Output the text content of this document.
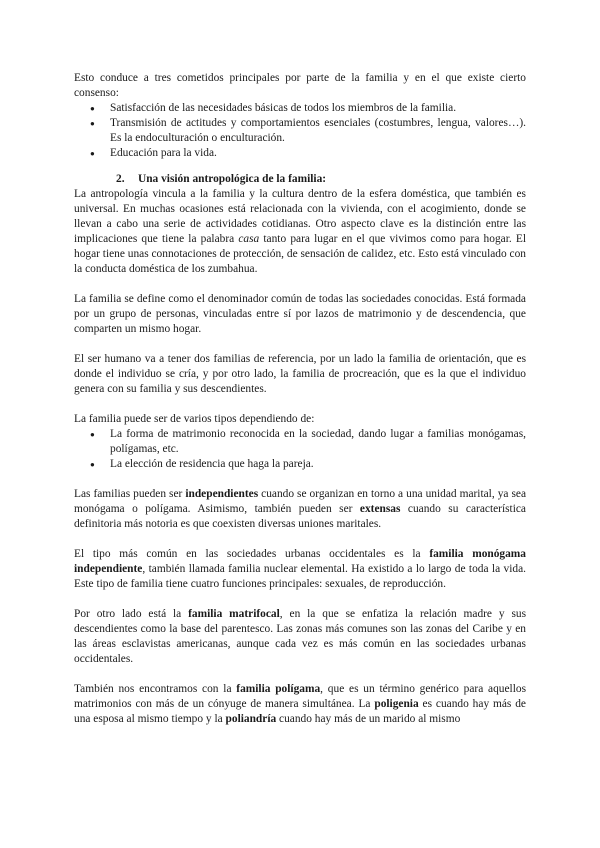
Esto conduce a tres cometidos principales por parte de la familia y en el que existe cierto consenso:

● Satisfacción de las necesidades básicas de todos los miembros de la familia.
● Transmisión de actitudes y comportamientos esenciales (costumbres, lengua, valores…). Es la endoculturación o enculturación.
● Educación para la vida.

2. Una visión antropológica de la familia:

La antropología vincula a la familia y la cultura dentro de la esfera doméstica, que también es universal. En muchas ocasiones está relacionada con la vivienda, con el acogimiento, donde se llevan a cabo una serie de actividades cotidianas. Otro aspecto clave es la distinción entre las implicaciones que tiene la palabra casa tanto para lugar en el que vivimos como para hogar. El hogar tiene unas connotaciones de protección, de sensación de calidez, etc. Esto está vinculado con la conducta doméstica de los zumbahua.

La familia se define como el denominador común de todas las sociedades conocidas. Está formada por un grupo de personas, vinculadas entre sí por lazos de matrimonio y de descendencia, que comparten un mismo hogar.

El ser humano va a tener dos familias de referencia, por un lado la familia de orientación, que es donde el individuo se cría, y por otro lado, la familia de procreación, que es la que el individuo genera con su familia y sus descendientes.

La familia puede ser de varios tipos dependiendo de:

● La forma de matrimonio reconocida en la sociedad, dando lugar a familias monógamas, polígamas, etc.
● La elección de residencia que haga la pareja.

Las familias pueden ser independientes cuando se organizan en torno a una unidad marital, ya sea monógama o polígama. Asimismo, también pueden ser extensas cuando su característica definitoria más notoria es que coexisten diversas uniones maritales.

El tipo más común en las sociedades urbanas occidentales es la familia monógama independiente, también llamada familia nuclear elemental. Ha existido a lo largo de toda la vida. Este tipo de familia tiene cuatro funciones principales: sexuales, de reproducción.

Por otro lado está la familia matrifocal, en la que se enfatiza la relación madre y sus descendientes como la base del parentesco. Las zonas más comunes son las zonas del Caribe y en las áreas esclavistas americanas, aunque cada vez es más común en las sociedades urbanas occidentales.

También nos encontramos con la familia polígama, que es un término genérico para aquellos matrimonios con más de un cónyuge de manera simultánea. La poligenia es cuando hay más de una esposa al mismo tiempo y la poliandría cuando hay más de un marido al mismo
